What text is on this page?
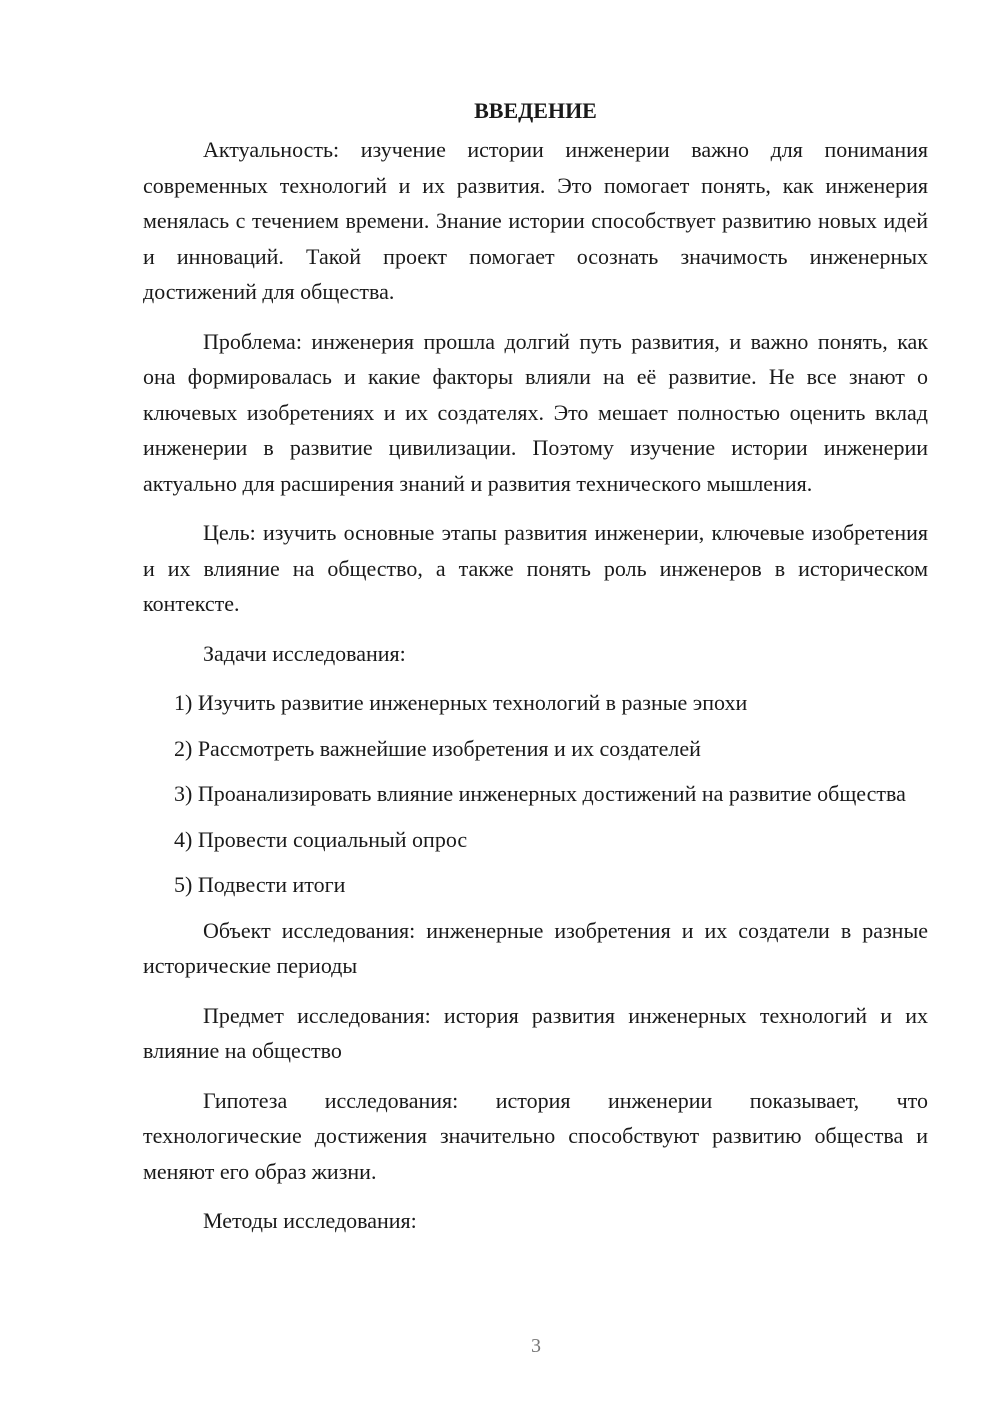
ВВЕДЕНИЕ

Актуальность: изучение истории инженерии важно для понимания современных технологий и их развития. Это помогает понять, как инженерия менялась с течением времени. Знание истории способствует развитию новых идей и инноваций. Такой проект помогает осознать значимость инженерных достижений для общества.

Проблема: инженерия прошла долгий путь развития, и важно понять, как она формировалась и какие факторы влияли на её развитие. Не все знают о ключевых изобретениях и их создателях. Это мешает полностью оценить вклад инженерии в развитие цивилизации. Поэтому изучение истории инженерии актуально для расширения знаний и развития технического мышления.

Цель: изучить основные этапы развития инженерии, ключевые изобретения и их влияние на общество, а также понять роль инженеров в историческом контексте.

Задачи исследования:

1) Изучить развитие инженерных технологий в разные эпохи

2) Рассмотреть важнейшие изобретения и их создателей

3) Проанализировать влияние инженерных достижений на развитие общества

4) Провести социальный опрос

5) Подвести итоги

Объект исследования: инженерные изобретения и их создатели в разные исторические периоды

Предмет исследования: история развития инженерных технологий и их влияние на общество

Гипотеза исследования: история инженерии показывает, что технологические достижения значительно способствуют развитию общества и меняют его образ жизни.

Методы исследования:

3
